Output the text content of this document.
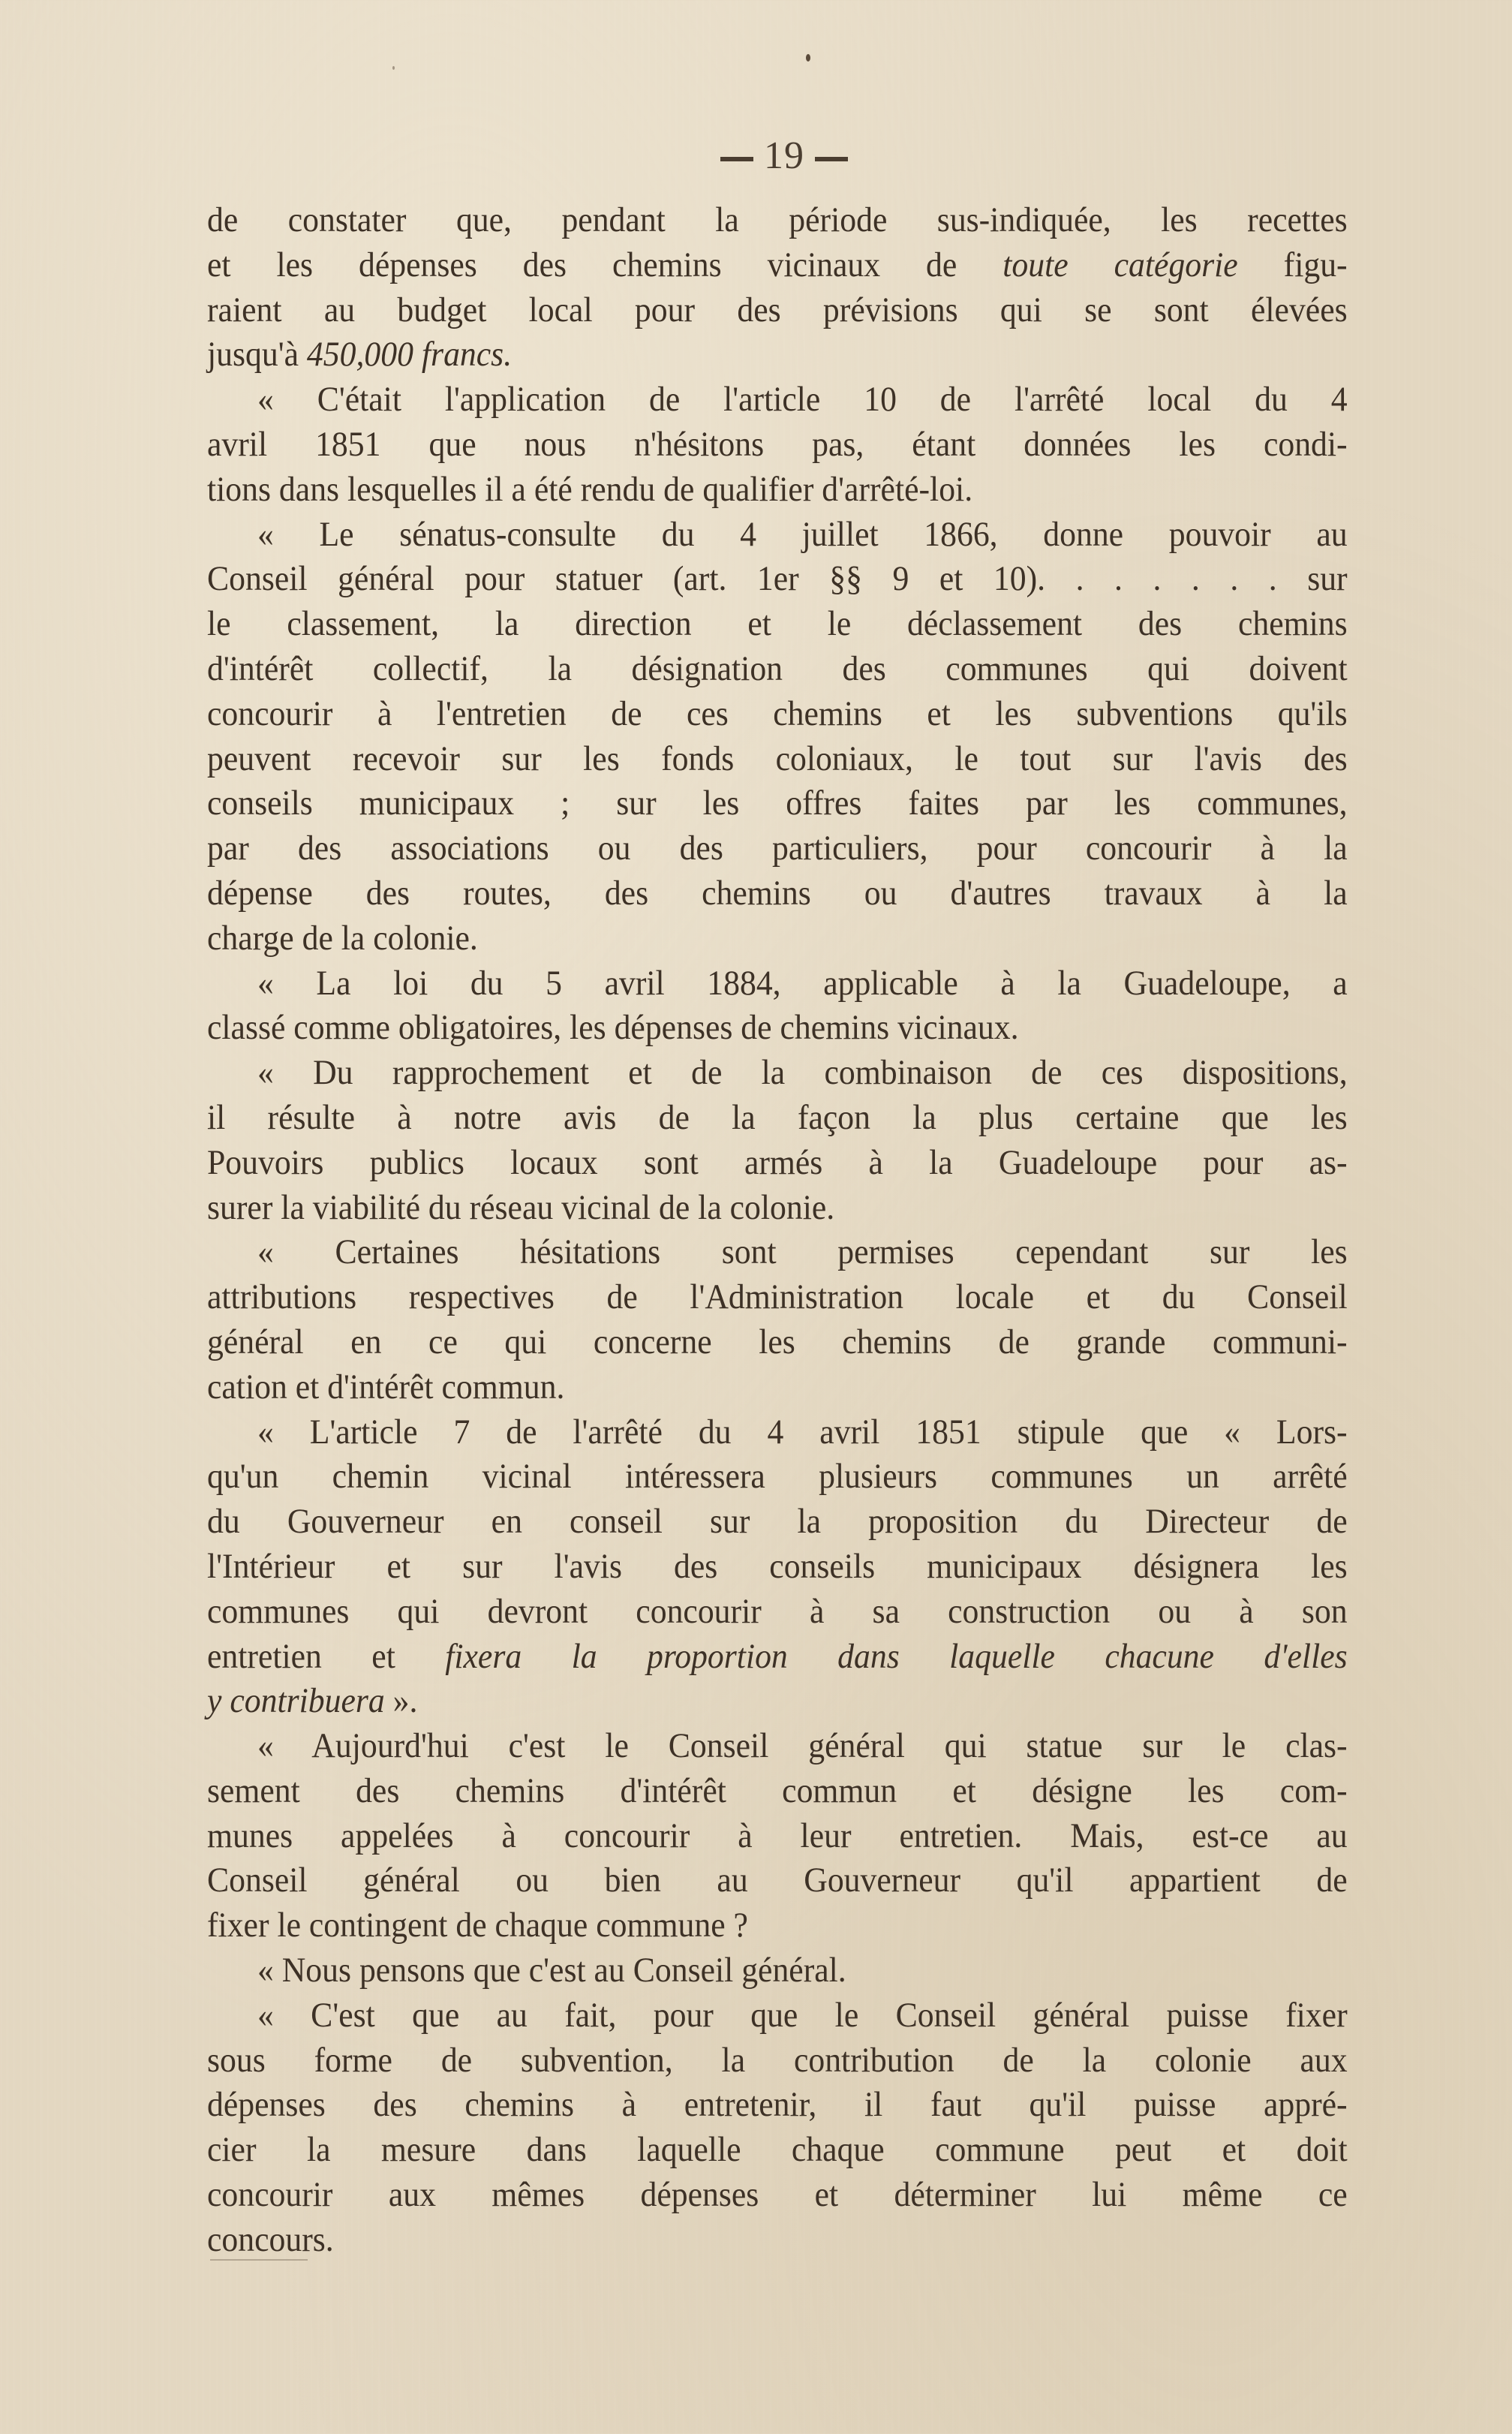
19
de constater que, pendant la période sus-indiquée, les recettes
et les dépenses des chemins vicinaux de toute catégorie figu-
raient au budget local pour des prévisions qui se sont élevées
jusqu'à 450,000 francs.
« C'était l'application de l'article 10 de l'arrêté local du 4
avril 1851 que nous n'hésitons pas, étant données les condi-
tions dans lesquelles il a été rendu de qualifier d'arrêté-loi.
« Le sénatus-consulte du 4 juillet 1866, donne pouvoir au
Conseil général pour statuer (art. 1er §§ 9 et 10). . . . . . . sur
le classement, la direction et le déclassement des chemins
d'intérêt collectif, la désignation des communes qui doivent
concourir à l'entretien de ces chemins et les subventions qu'ils
peuvent recevoir sur les fonds coloniaux, le tout sur l'avis des
conseils municipaux ; sur les offres faites par les communes,
par des associations ou des particuliers, pour concourir à la
dépense des routes, des chemins ou d'autres travaux à la
charge de la colonie.
« La loi du 5 avril 1884, applicable à la Guadeloupe, a
classé comme obligatoires, les dépenses de chemins vicinaux.
« Du rapprochement et de la combinaison de ces dispositions,
il résulte à notre avis de la façon la plus certaine que les
Pouvoirs publics locaux sont armés à la Guadeloupe pour as-
surer la viabilité du réseau vicinal de la colonie.
« Certaines hésitations sont permises cependant sur les
attributions respectives de l'Administration locale et du Conseil
général en ce qui concerne les chemins de grande communi-
cation et d'intérêt commun.
« L'article 7 de l'arrêté du 4 avril 1851 stipule que « Lors-
qu'un chemin vicinal intéressera plusieurs communes un arrêté
du Gouverneur en conseil sur la proposition du Directeur de
l'Intérieur et sur l'avis des conseils municipaux désignera les
communes qui devront concourir à sa construction ou à son
entretien et fixera la proportion dans laquelle chacune d'elles
y contribuera ».
« Aujourd'hui c'est le Conseil général qui statue sur le clas-
sement des chemins d'intérêt commun et désigne les com-
munes appelées à concourir à leur entretien. Mais, est-ce au
Conseil général ou bien au Gouverneur qu'il appartient de
fixer le contingent de chaque commune ?
« Nous pensons que c'est au Conseil général.
« C'est que au fait, pour que le Conseil général puisse fixer
sous forme de subvention, la contribution de la colonie aux
dépenses des chemins à entretenir, il faut qu'il puisse appré-
cier la mesure dans laquelle chaque commune peut et doit
concourir aux mêmes dépenses et déterminer lui même ce
concours.
